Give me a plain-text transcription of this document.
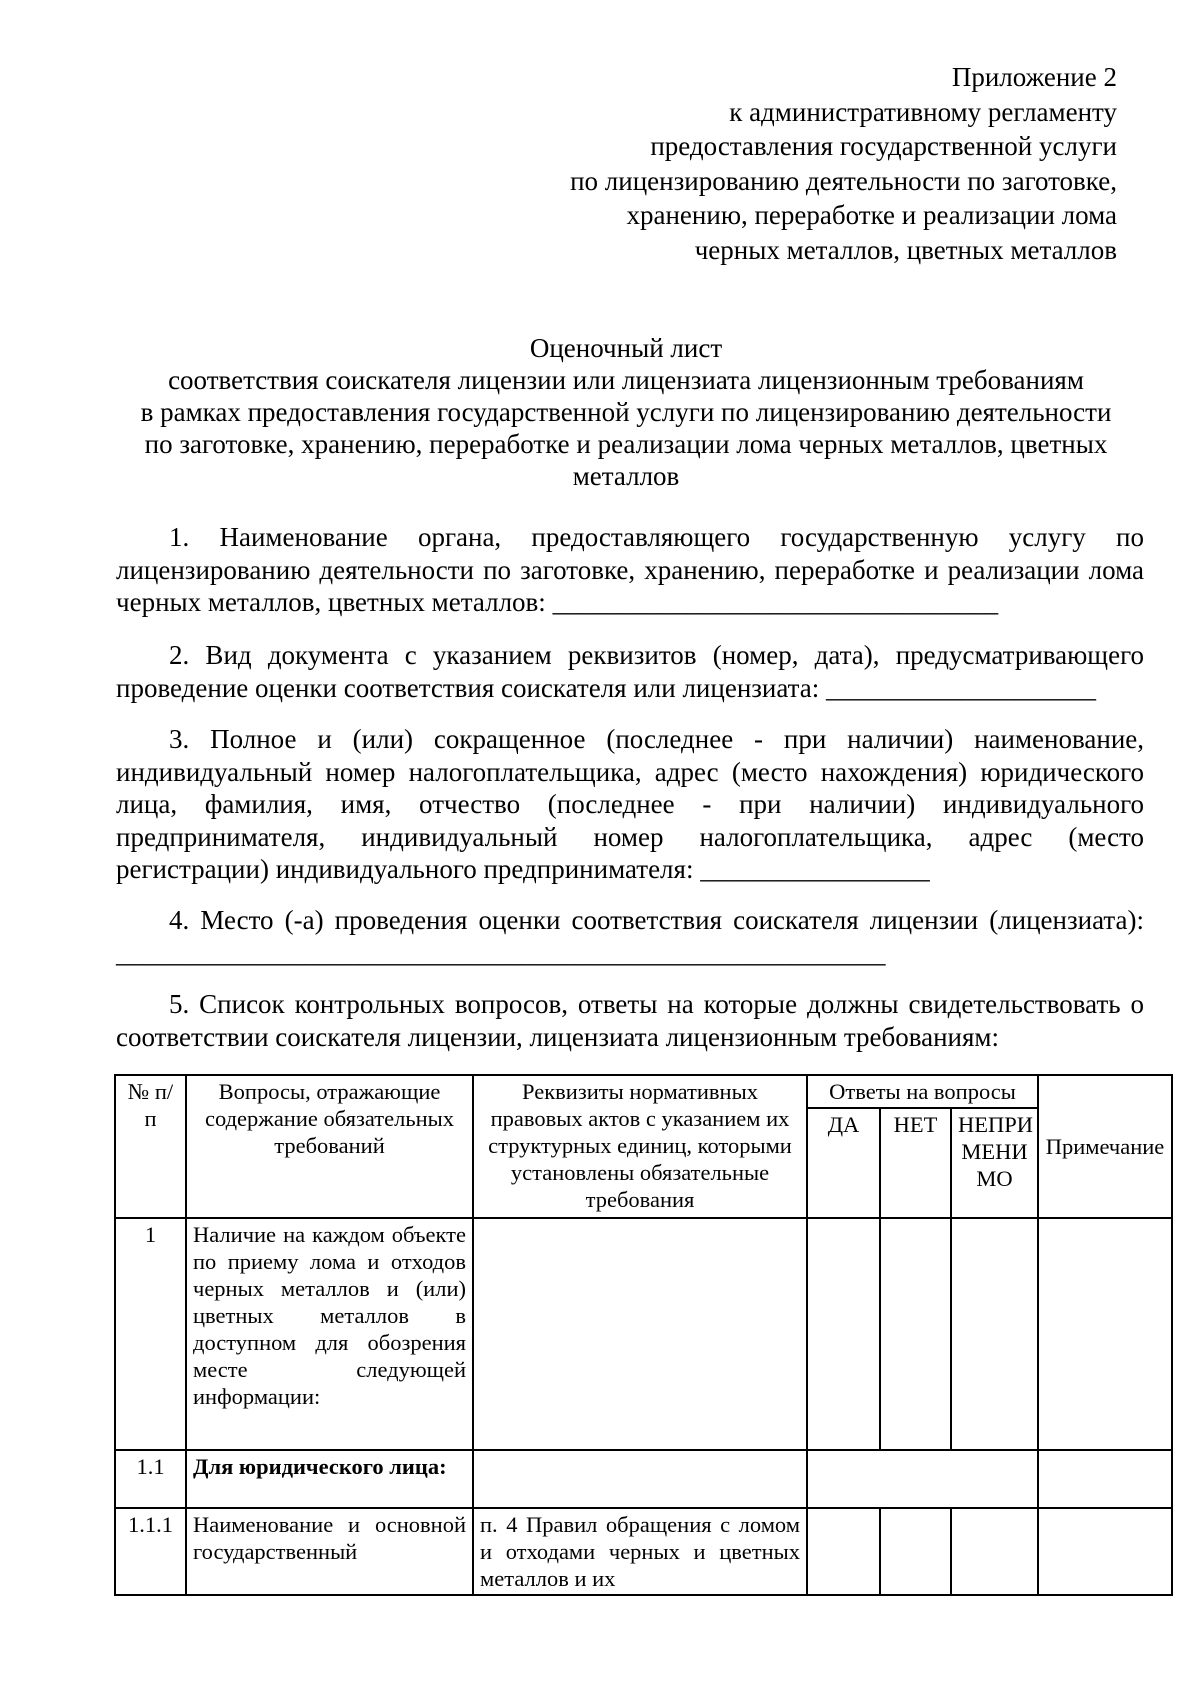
Приложение 2
к административному регламенту
предоставления государственной услуги
по лицензированию деятельности по заготовке,
хранению, переработке и реализации лома
черных металлов, цветных металлов
Оценочный лист
соответствия соискателя лицензии или лицензиата лицензионным требованиям
в рамках предоставления государственной услуги по лицензированию деятельности
по заготовке, хранению, переработке и реализации лома черных металлов, цветных
металлов
1. Наименование органа, предоставляющего государственную услугу по лицензированию деятельности по заготовке, хранению, переработке и реализации лома черных металлов, цветных металлов: _________________________________
2. Вид документа с указанием реквизитов (номер, дата), предусматривающего проведение оценки соответствия соискателя или лицензиата: ____________________
3. Полное и (или) сокращенное (последнее - при наличии) наименование, индивидуальный номер налогоплательщика, адрес (место нахождения) юридического лица, фамилия, имя, отчество (последнее - при наличии) индивидуального предпринимателя, индивидуальный номер налогоплательщика, адрес (место регистрации) индивидуального предпринимателя: _________________
4. Место (-а) проведения оценки соответствия соискателя лицензии (лицензиата): _________________________________________________________
5. Список контрольных вопросов, ответы на которые должны свидетельствовать о соответствии соискателя лицензии, лицензиата лицензионным требованиям:
№ п/п	Вопросы, отражающие содержание обязательных требований	Реквизиты нормативных правовых актов с указанием их структурных единиц, которыми установлены обязательные требования	Ответы на вопросы			Примечание
			ДА	НЕТ	НЕПРИ МЕНИ МО	
1	Наличие на каждом объекте по приему лома и отходов черных металлов и (или) цветных металлов в доступном для обозрения месте следующей информации:					
1.1	Для юридического лица:					
1.1.1	Наименование и основной государственный	п. 4 Правил обращения с ломом и отходами черных и цветных металлов и их				
